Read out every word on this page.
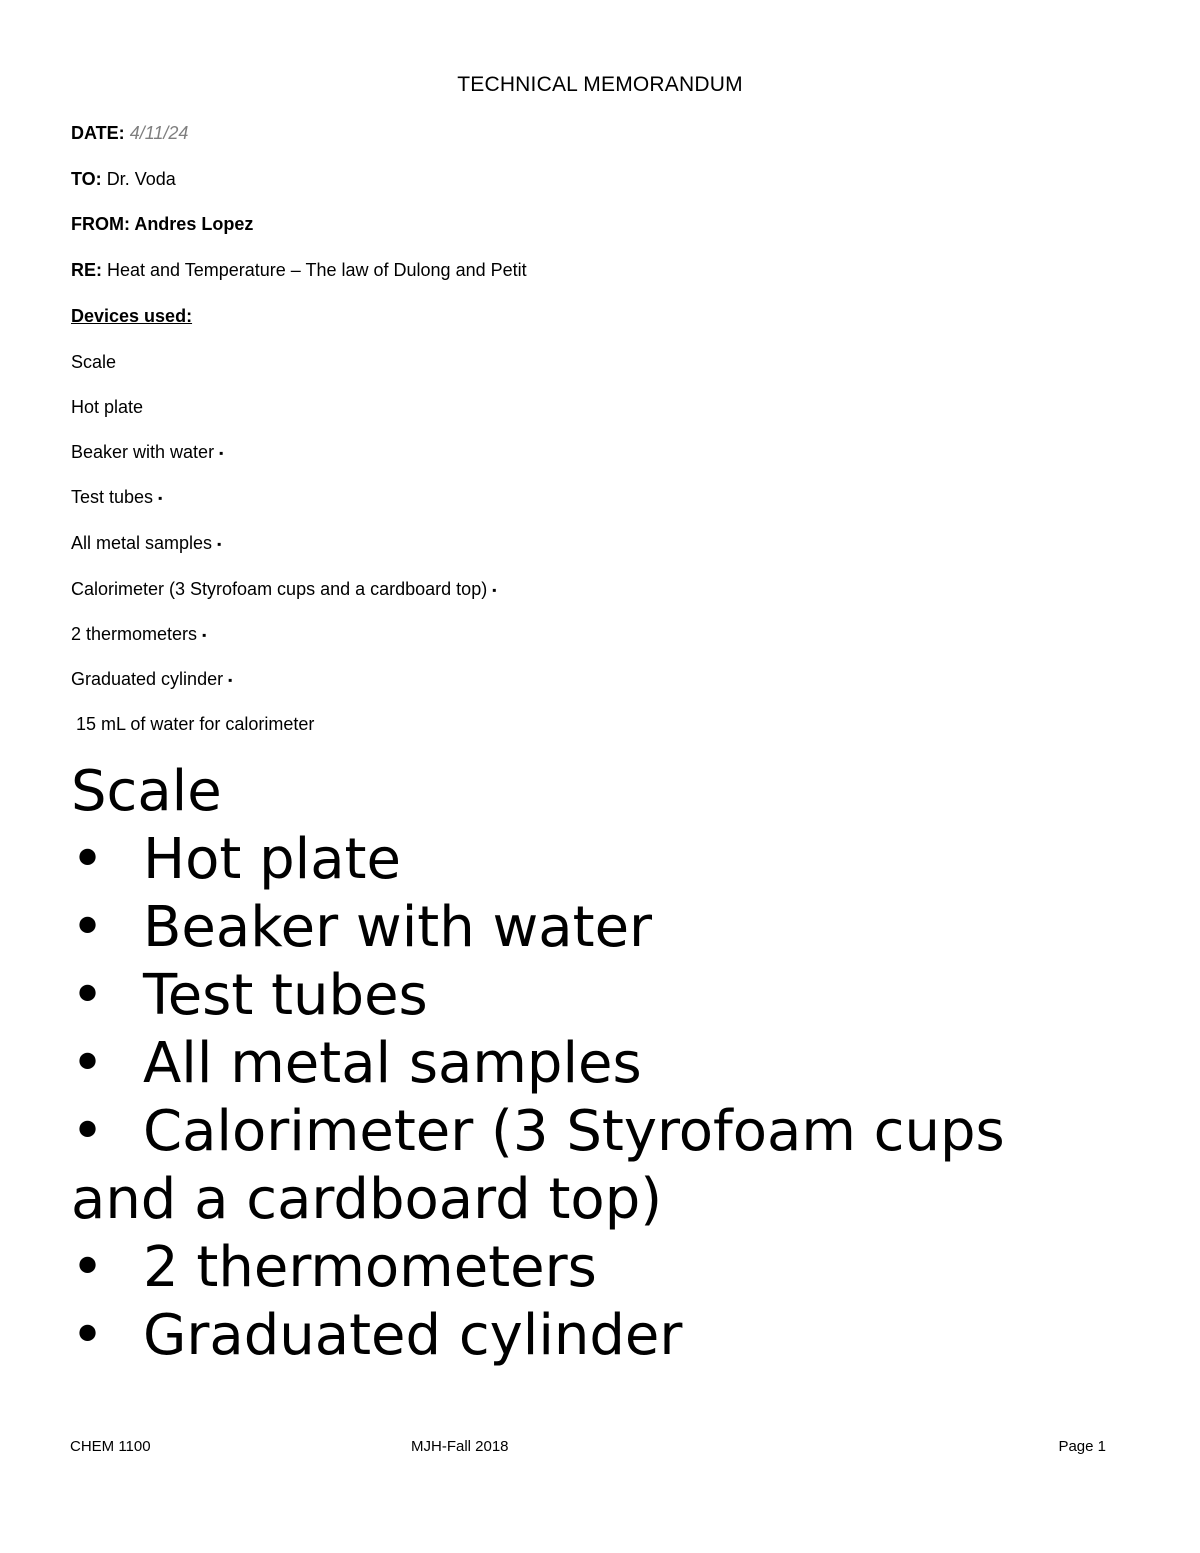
TECHNICAL MEMORANDUM
DATE: 4/11/24
TO: Dr. Voda
FROM: Andres Lopez
RE: Heat and Temperature – The law of Dulong and Petit
Devices used:
Scale
Hot plate
Beaker with water ▪
Test tubes ▪
All metal samples ▪
Calorimeter (3 Styrofoam cups and a cardboard top) ▪
2 thermometers ▪
Graduated cylinder ▪
15 mL of water for calorimeter
Scale
• Hot plate
• Beaker with water
• Test tubes
• All metal samples
• Calorimeter (3 Styrofoam cups
and a cardboard top)
• 2 thermometers
• Graduated cylinder
CHEM 1100	MJH-Fall 2018	Page 1
